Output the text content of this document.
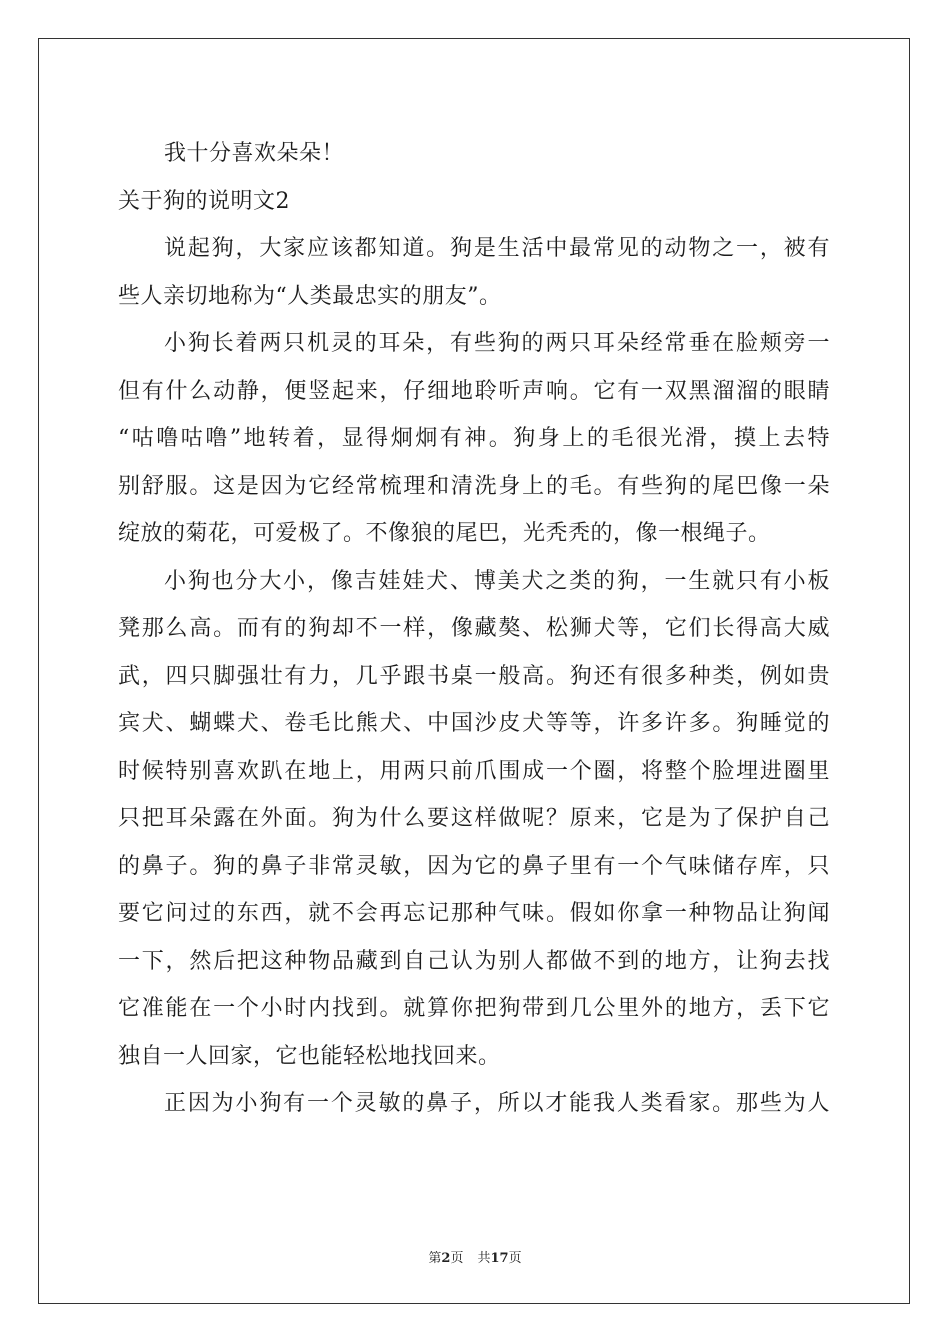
我十分喜欢朵朵！
关于狗的说明文2
说起狗，大家应该都知道。狗是生活中最常见的动物之一，被有
些人亲切地称为“人类最忠实的朋友”。
小狗长着两只机灵的耳朵，有些狗的两只耳朵经常垂在脸颊旁一
但有什么动静，便竖起来，仔细地聆听声响。它有一双黑溜溜的眼睛
“咕噜咕噜”地转着，显得炯炯有神。狗身上的毛很光滑，摸上去特
别舒服。这是因为它经常梳理和清洗身上的毛。有些狗的尾巴像一朵
绽放的菊花，可爱极了。不像狼的尾巴，光秃秃的，像一根绳子。
小狗也分大小，像吉娃娃犬、博美犬之类的狗，一生就只有小板
凳那么高。而有的狗却不一样，像藏獒、松狮犬等，它们长得高大威
武，四只脚强壮有力，几乎跟书桌一般高。狗还有很多种类，例如贵
宾犬、蝴蝶犬、卷毛比熊犬、中国沙皮犬等等，许多许多。狗睡觉的
时候特别喜欢趴在地上，用两只前爪围成一个圈，将整个脸埋进圈里
只把耳朵露在外面。狗为什么要这样做呢？原来，它是为了保护自己
的鼻子。狗的鼻子非常灵敏，因为它的鼻子里有一个气味储存库，只
要它问过的东西，就不会再忘记那种气味。假如你拿一种物品让狗闻
一下，然后把这种物品藏到自己认为别人都做不到的地方，让狗去找
它准能在一个小时内找到。就算你把狗带到几公里外的地方，丢下它
独自一人回家，它也能轻松地找回来。
正因为小狗有一个灵敏的鼻子，所以才能我人类看家。那些为人
第2页 共17页
